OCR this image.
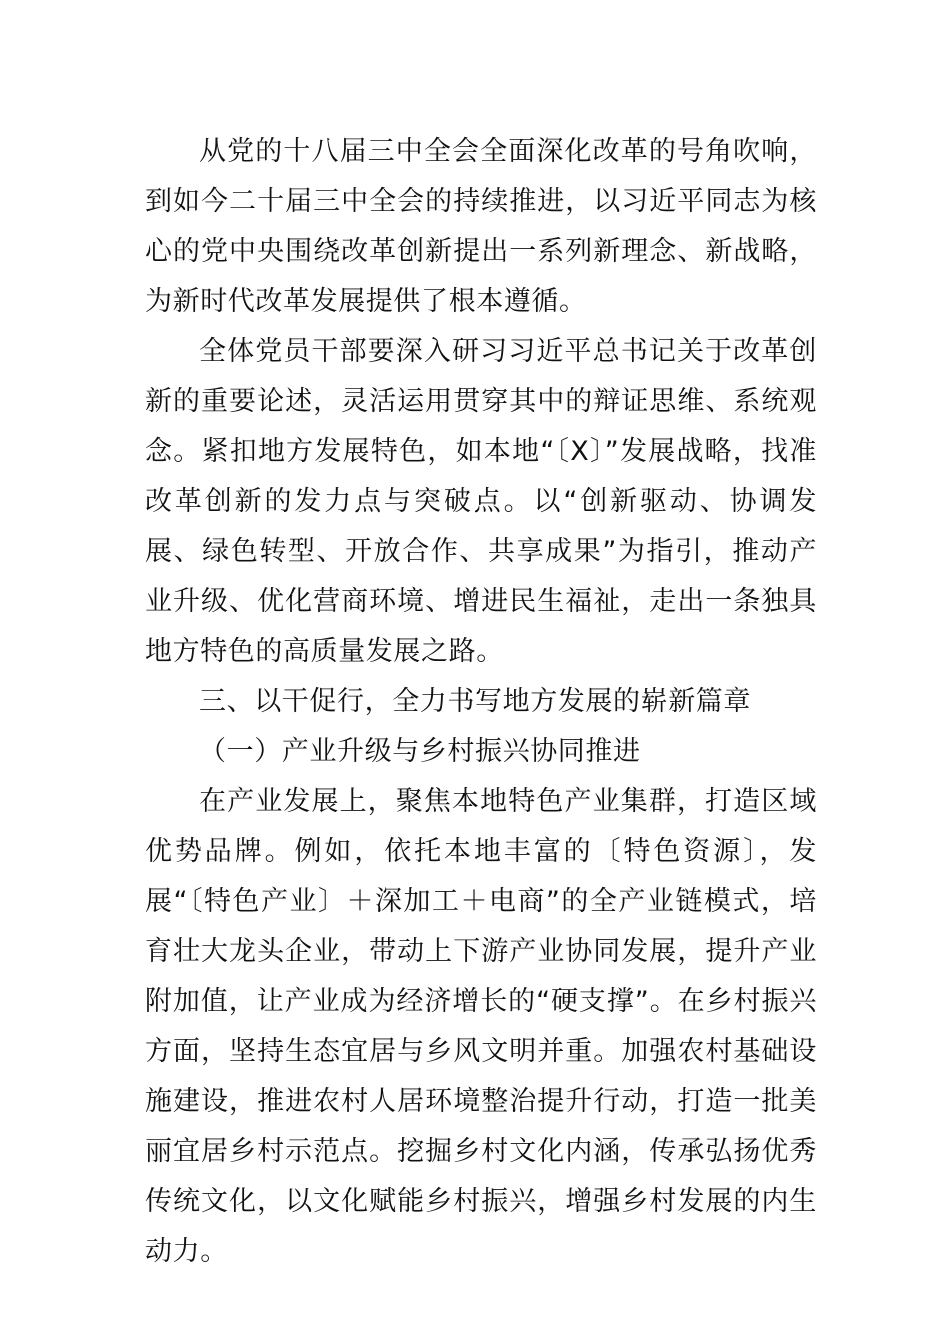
从党的十八届三中全会全面深化改革的号角吹响，到如今二十届三中全会的持续推进，以习近平同志为核心的党中央围绕改革创新提出一系列新理念、新战略，为新时代改革发展提供了根本遵循。

全体党员干部要深入研习习近平总书记关于改革创新的重要论述，灵活运用贯穿其中的辩证思维、系统观念。紧扣地方发展特色，如本地“〔X〕”发展战略，找准改革创新的发力点与突破点。以“创新驱动、协调发展、绿色转型、开放合作、共享成果”为指引，推动产业升级、优化营商环境、增进民生福祉，走出一条独具地方特色的高质量发展之路。

三、以干促行，全力书写地方发展的崭新篇章

（一）产业升级与乡村振兴协同推进

在产业发展上，聚焦本地特色产业集群，打造区域优势品牌。例如，依托本地丰富的〔特色资源〕，发展“〔特色产业〕＋深加工＋电商”的全产业链模式，培育壮大龙头企业，带动上下游产业协同发展，提升产业附加值，让产业成为经济增长的“硬支撑”。在乡村振兴方面，坚持生态宜居与乡风文明并重。加强农村基础设施建设，推进农村人居环境整治提升行动，打造一批美丽宜居乡村示范点。挖掘乡村文化内涵，传承弘扬优秀传统文化，以文化赋能乡村振兴，增强乡村发展的内生动力。
